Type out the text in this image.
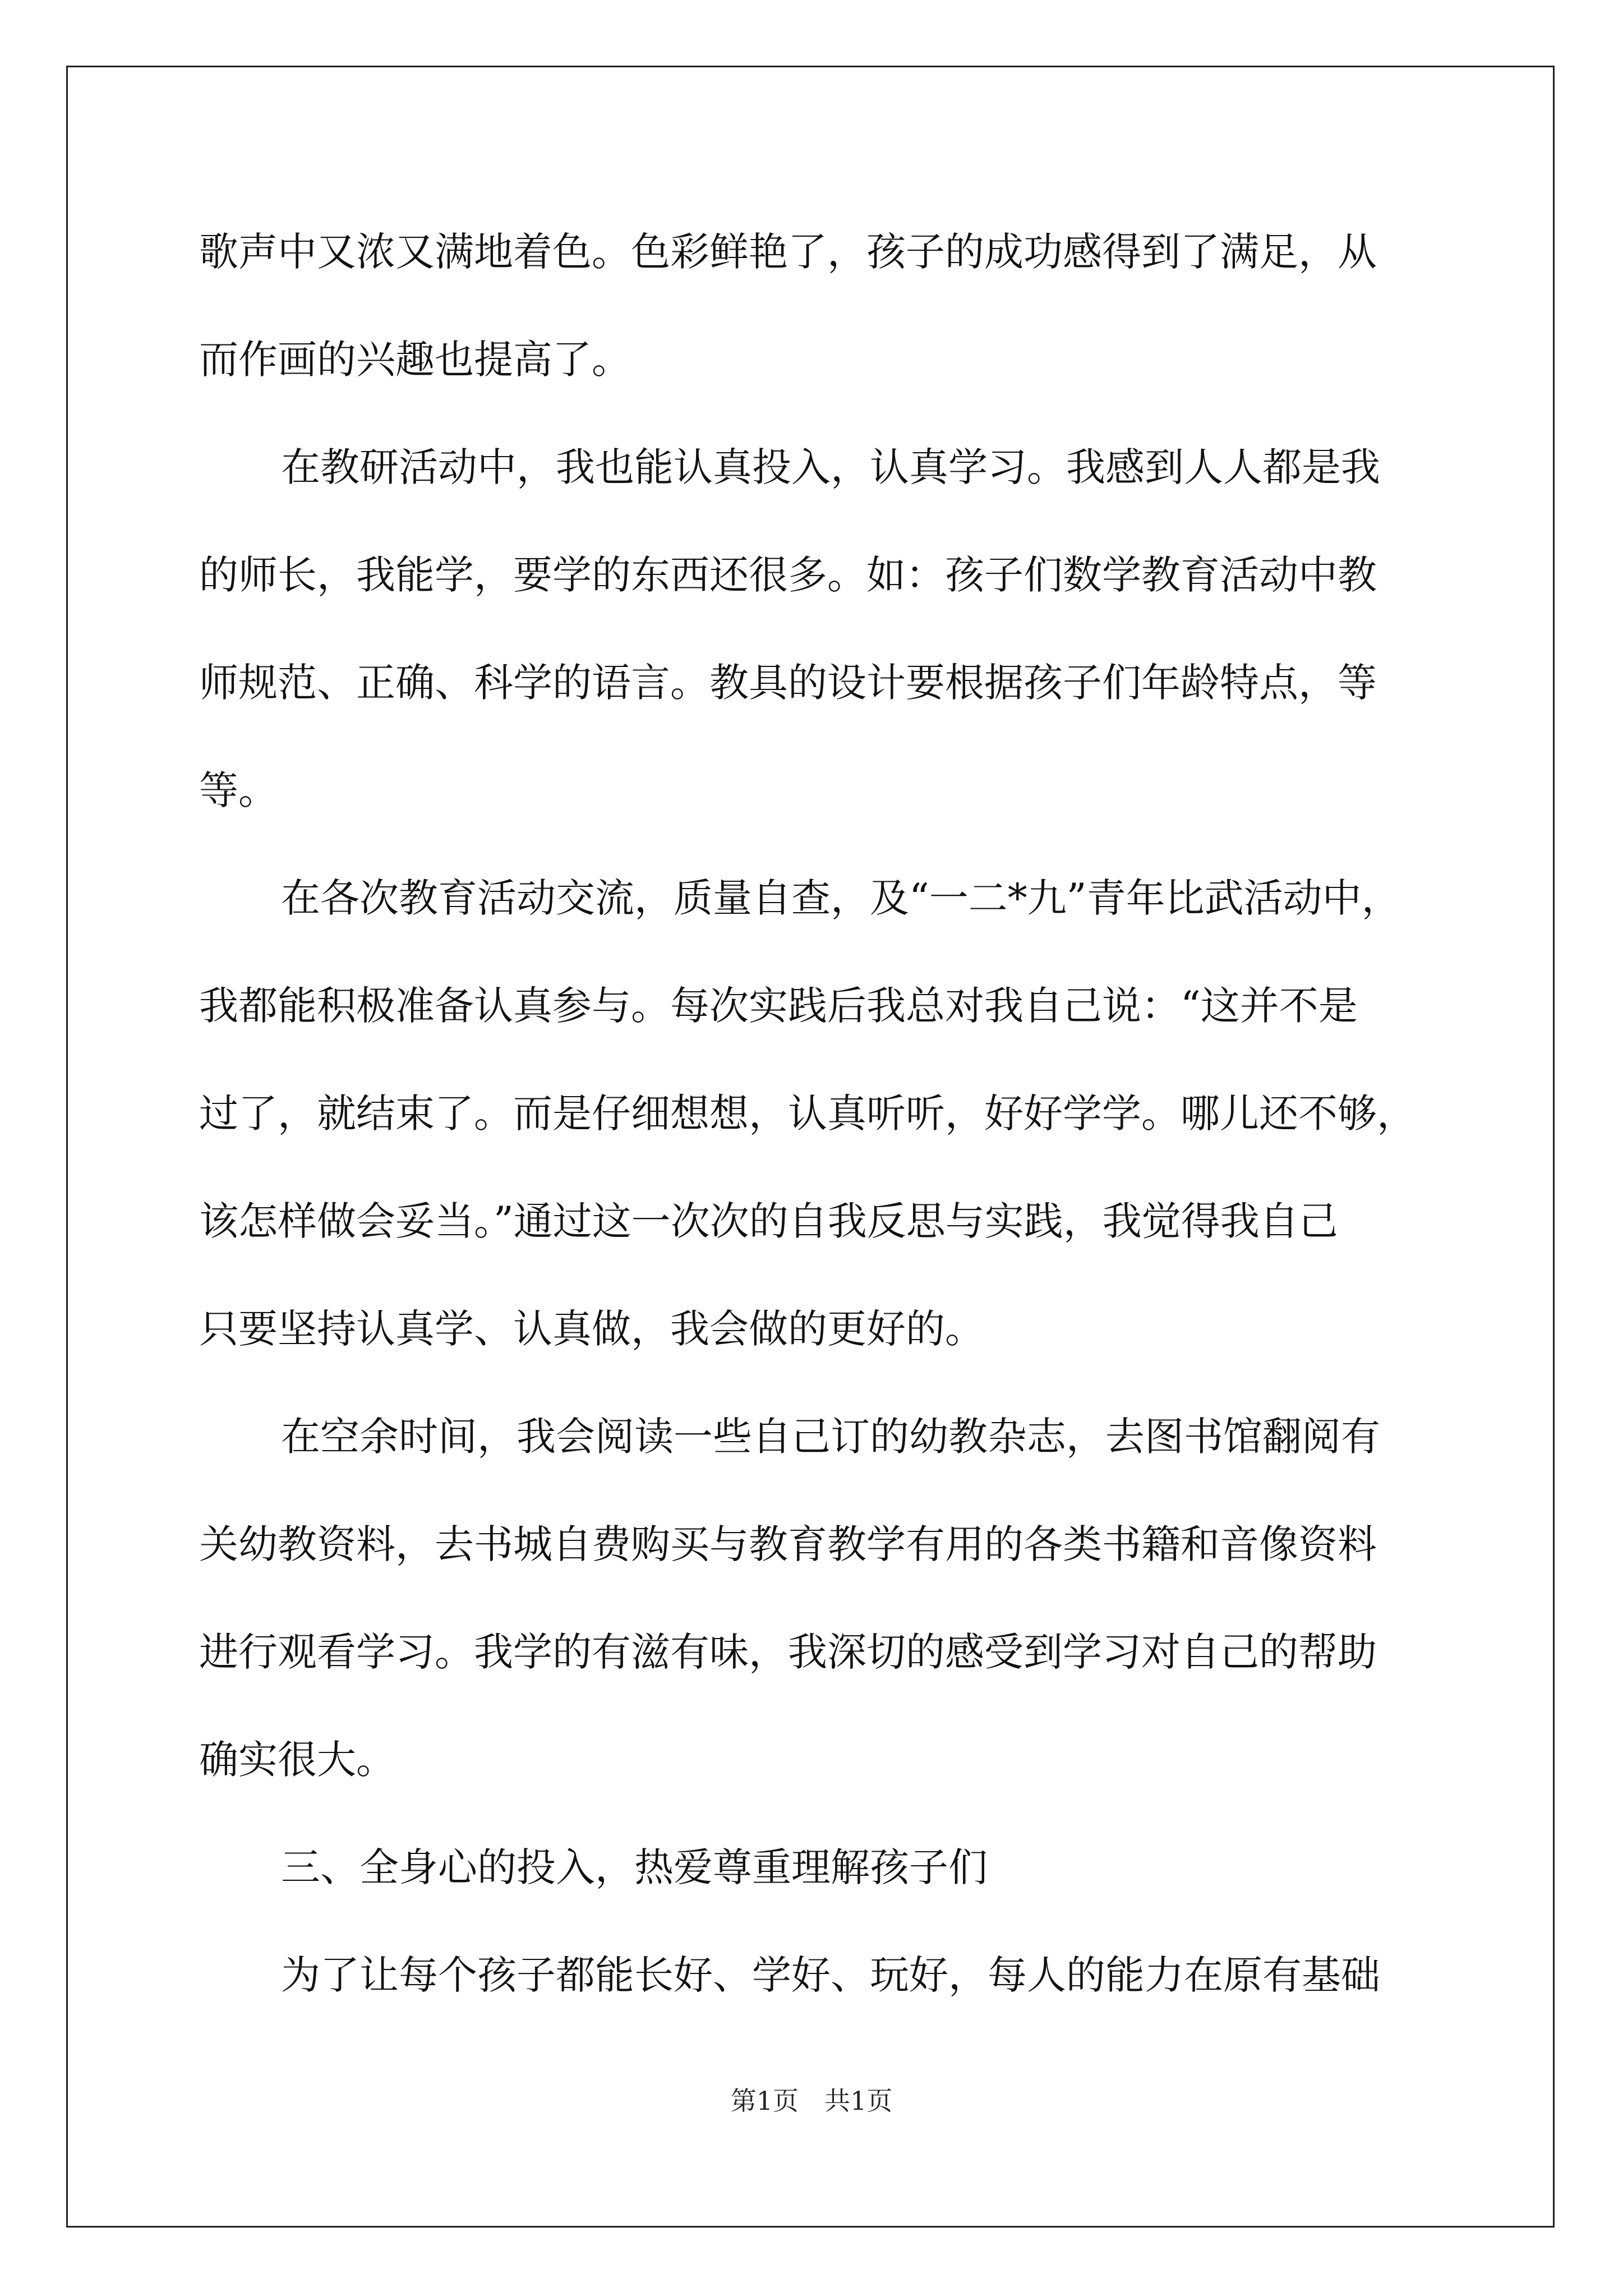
歌声中又浓又满地着色。色彩鲜艳了，孩子的成功感得到了满足，从
而作画的兴趣也提高了。
在教研活动中，我也能认真投入，认真学习。我感到人人都是我
的师长，我能学，要学的东西还很多。如：孩子们数学教育活动中教
师规范、正确、科学的语言。教具的设计要根据孩子们年龄特点，等
等。
在各次教育活动交流，质量自查，及“一二*九”青年比武活动中，
我都能积极准备认真参与。每次实践后我总对我自己说：“这并不是
过了，就结束了。而是仔细想想，认真听听，好好学学。哪儿还不够，
该怎样做会妥当。”通过这一次次的自我反思与实践，我觉得我自己
只要坚持认真学、认真做，我会做的更好的。
在空余时间，我会阅读一些自己订的幼教杂志，去图书馆翻阅有
关幼教资料，去书城自费购买与教育教学有用的各类书籍和音像资料
进行观看学习。我学的有滋有味，我深切的感受到学习对自己的帮助
确实很大。
三、全身心的投入，热爱尊重理解孩子们
为了让每个孩子都能长好、学好、玩好，每人的能力在原有基础
第1页　共1页
